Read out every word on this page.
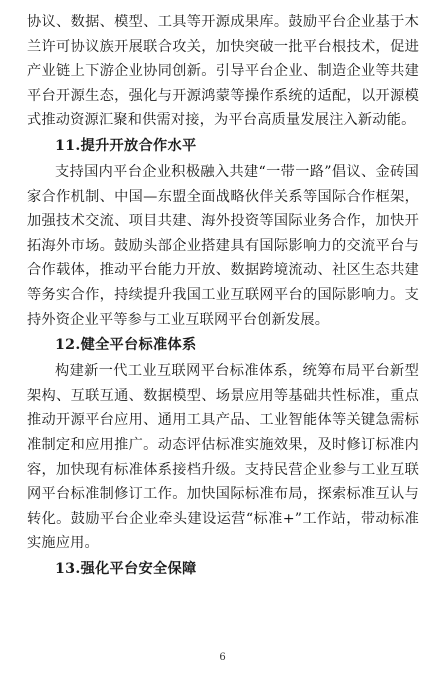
协议、数据、模型、工具等开源成果库。鼓励平台企业基于木兰许可协议族开展联合攻关，加快突破一批平台根技术，促进产业链上下游企业协同创新。引导平台企业、制造企业等共建平台开源生态，强化与开源鸿蒙等操作系统的适配，以开源模式推动资源汇聚和供需对接，为平台高质量发展注入新动能。

11.提升开放合作水平

支持国内平台企业积极融入共建“一带一路”倡议、金砖国家合作机制、中国—东盟全面战略伙伴关系等国际合作框架，加强技术交流、项目共建、海外投资等国际业务合作，加快开拓海外市场。鼓励头部企业搭建具有国际影响力的交流平台与合作载体，推动平台能力开放、数据跨境流动、社区生态共建等务实合作，持续提升我国工业互联网平台的国际影响力。支持外资企业平等参与工业互联网平台创新发展。

12.健全平台标准体系

构建新一代工业互联网平台标准体系，统筹布局平台新型架构、互联互通、数据模型、场景应用等基础共性标准，重点推动开源平台应用、通用工具产品、工业智能体等关键急需标准制定和应用推广。动态评估标准实施效果，及时修订标准内容，加快现有标准体系接档升级。支持民营企业参与工业互联网平台标准制修订工作。加快国际标准布局，探索标准互认与转化。鼓励平台企业牵头建设运营“标准+”工作站，带动标准实施应用。

13.强化平台安全保障
6
